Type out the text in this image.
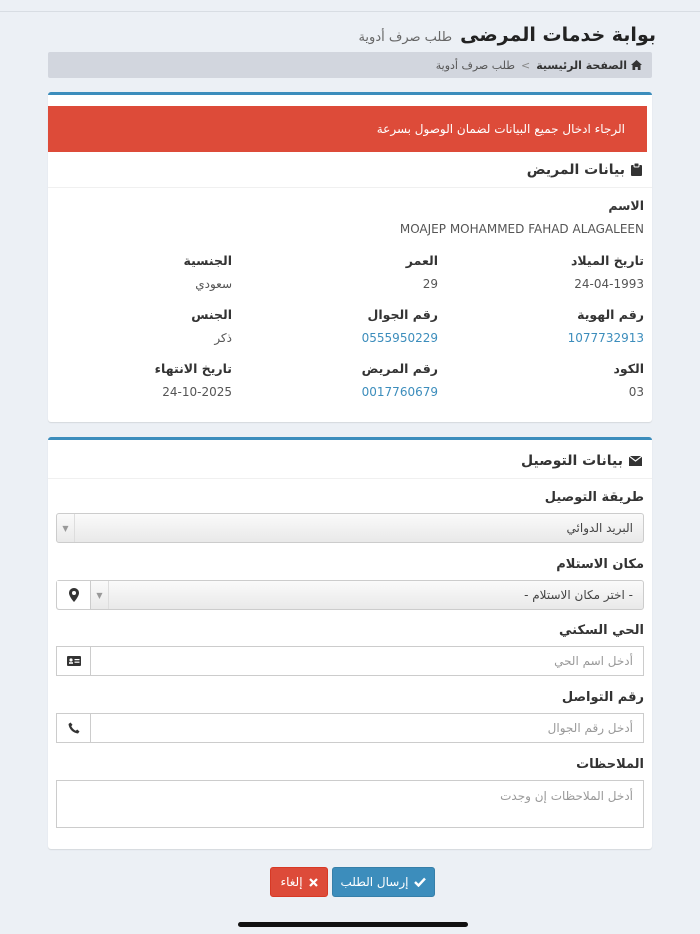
بوابة خدمات المرضى
طلب صرف أدوية
الصفحة الرئيسية
>
طلب صرف أدوية
الرجاء ادخال جميع البيانات لضمان الوصول بسرعة
بيانات المريض
الاسم
MOAJEP MOHAMMED FAHAD ALAGALEEN
تاريخ الميلاد
24-04-1993
العمر
29
الجنسية
سعودي
رقم الهوية
1077732913
رقم الجوال
0555950229
الجنس
ذكر
الكود
03
رقم المريض
0017760679
تاريخ الانتهاء
24-10-2025
بيانات التوصيل
طريقة التوصيل
البريد الدوائي
▼
مكان الاستلام
- اختر مكان الاستلام -
▼
الحي السكني
أدخل اسم الحي
رقم التواصل
أدخل رقم الجوال
الملاحظات
أدخل الملاحظات إن وجدت
إرسال الطلب
إلغاء
